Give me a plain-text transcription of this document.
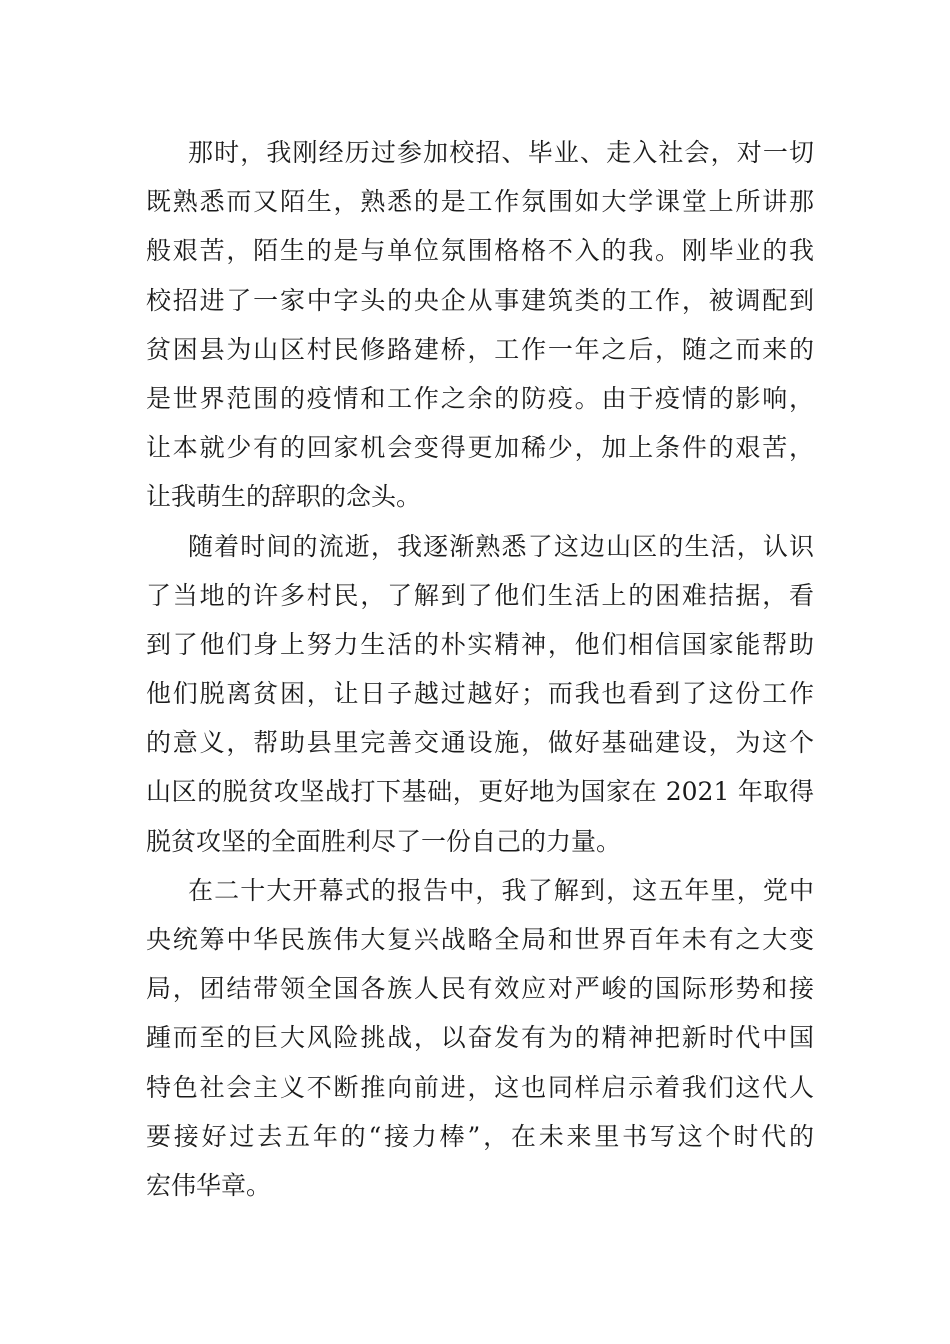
那时，我刚经历过参加校招、毕业、走入社会，对一切
既熟悉而又陌生，熟悉的是工作氛围如大学课堂上所讲那
般艰苦，陌生的是与单位氛围格格不入的我。刚毕业的我
校招进了一家中字头的央企从事建筑类的工作，被调配到
贫困县为山区村民修路建桥，工作一年之后，随之而来的
是世界范围的疫情和工作之余的防疫。由于疫情的影响，
让本就少有的回家机会变得更加稀少，加上条件的艰苦，
让我萌生的辞职的念头。
随着时间的流逝，我逐渐熟悉了这边山区的生活，认识
了当地的许多村民，了解到了他们生活上的困难拮据，看
到了他们身上努力生活的朴实精神，他们相信国家能帮助
他们脱离贫困，让日子越过越好；而我也看到了这份工作
的意义，帮助县里完善交通设施，做好基础建设，为这个
山区的脱贫攻坚战打下基础，更好地为国家在 2021 年取得
脱贫攻坚的全面胜利尽了一份自己的力量。
在二十大开幕式的报告中，我了解到，这五年里，党中
央统筹中华民族伟大复兴战略全局和世界百年未有之大变
局，团结带领全国各族人民有效应对严峻的国际形势和接
踵而至的巨大风险挑战，以奋发有为的精神把新时代中国
特色社会主义不断推向前进，这也同样启示着我们这代人
要接好过去五年的“接力棒”，在未来里书写这个时代的
宏伟华章。
